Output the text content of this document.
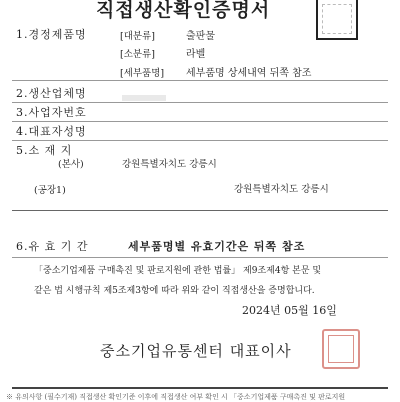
직접생산확인증명서
1.경정제품명	[대분류]	출판물
[소분류]	라벨
[세부품명] 세부품명 상세내역 뒤쪽 참조
2.생산업체명
3.사업자번호
4.대표자성명
5.소 재 지
(본사)	강원특별자치도 강릉시
(공장1)	강원특별자치도 강릉시
6.유 효 기 간	세부품명별 유효기간은 뒤쪽 참조
「중소기업제품 구매촉진 및 판로지원에 관한 법률」 제9조제4항 본문 및
같은 법 시행규칙 제5조제3항에 따라 위와 같이 직접생산을 증명합니다.
2024년 05월 16일
중소기업유통센터 대표이사
※ 유의사항 (필수기재) 직접생산 확인기준 이후에 직접생산 여부 확인 시 「중소기업제품 구매촉진 및 판로지원
